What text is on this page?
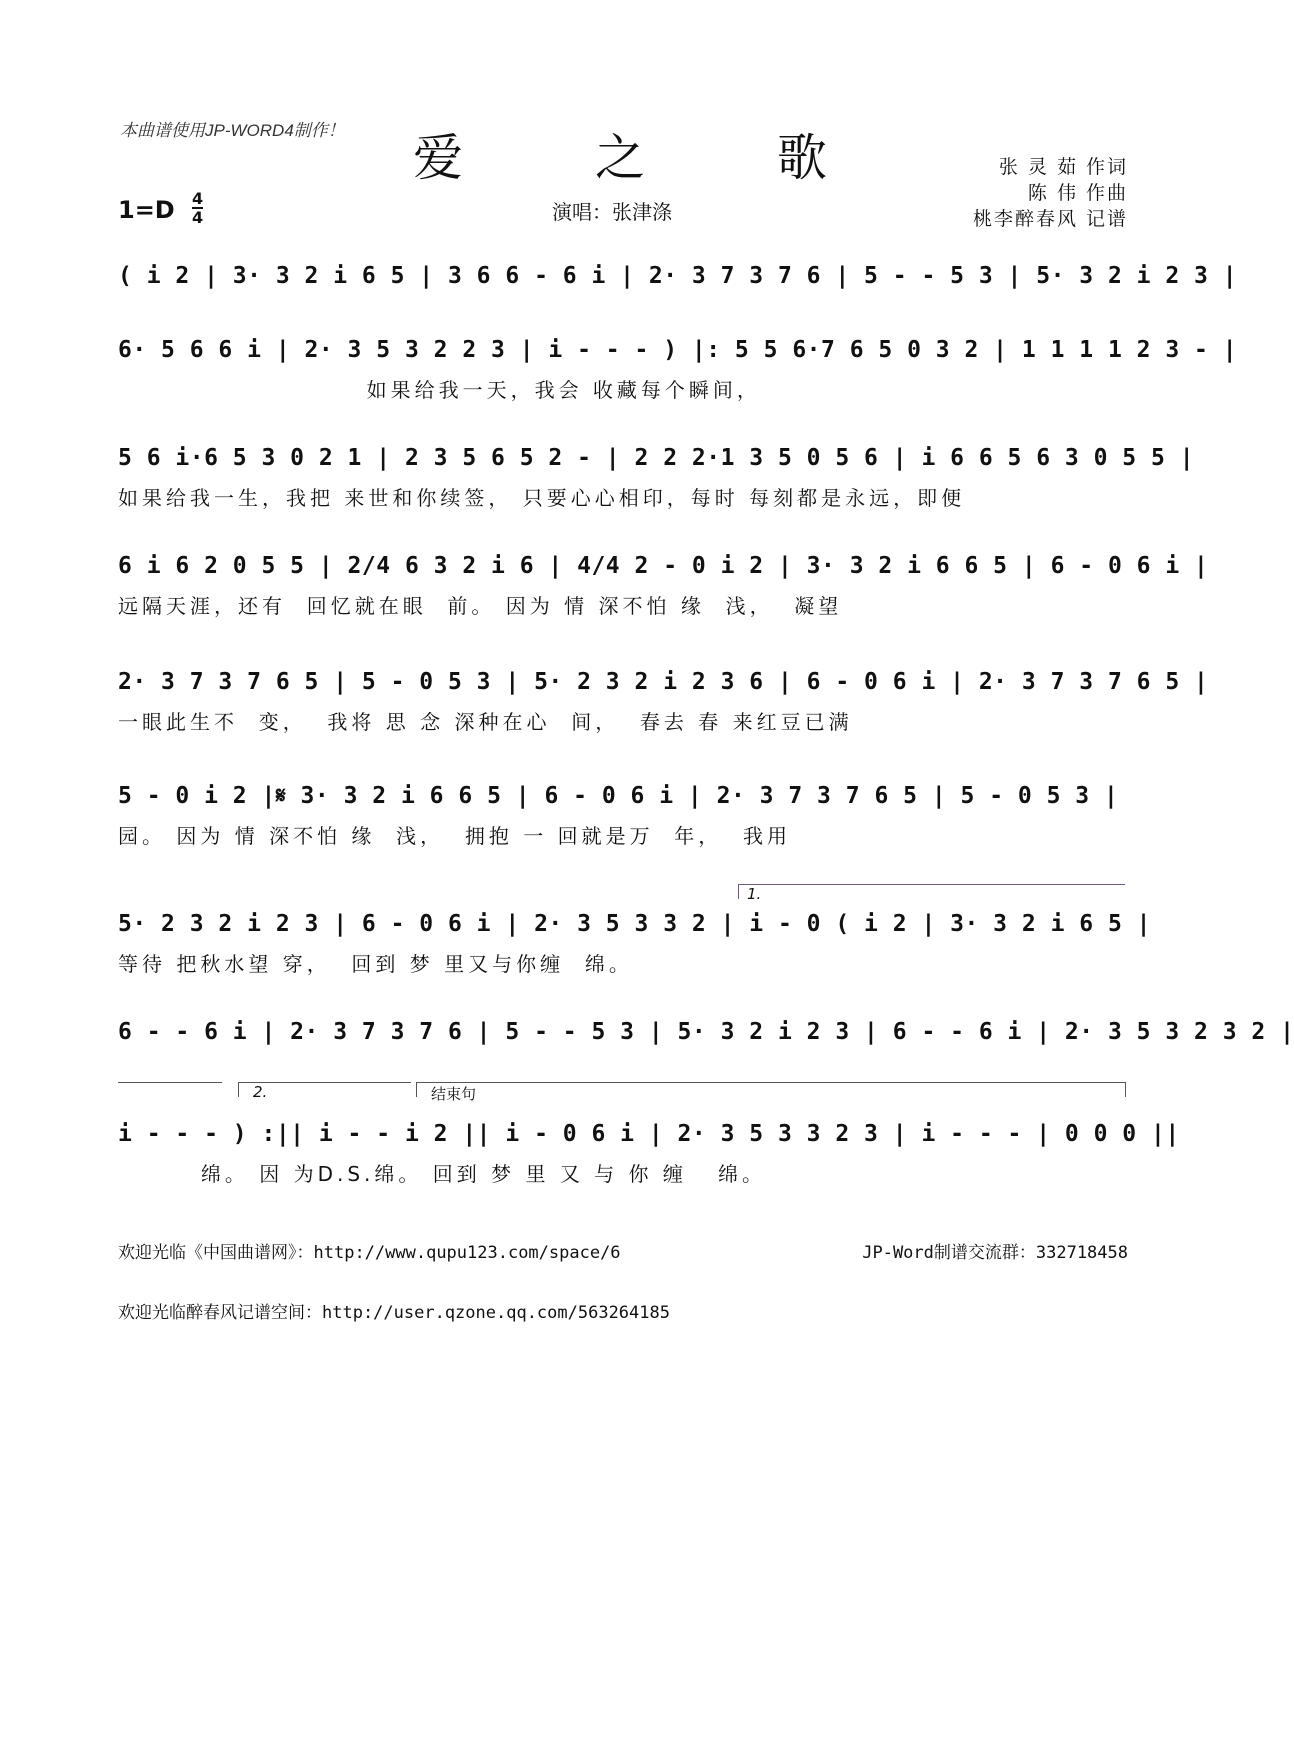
本曲谱使用JP-WORD4制作！	爱 之 歌	张 灵 茹 作词
陈 伟 作曲
桃李醉春风 记谱
$1=D \frac{4}{4}$	演唱：张津涤
( i 2 | 3· 3 2 i 6 5 | 3 6 6 - 6 i | 2· 3 7 3 7 6 | 5 - - 5 3 | 5· 3 2 i 2 3 |
6· 5 6 6 i | 2· 3 5 3 2 2 3 | i - - - ) |: 5 5 6·7 6 5 0 3 2 | 1 1 1 1 2 3 - |
如果给我一天，我会 收藏每个瞬间，
5 6 i·6 5 3 0 2 1 | 2 3 5 6 5 2 - | 2 2 2·1 3 5 0 5 6 | i 6 6 5 6 3 0 5 5 |
如果给我一生，我把 来世和你续签， 只要心心相印，每时 每刻都是永远，即便
6 i 6 2 0 5 5 | 2/4 6 3 2 i 6 | 4/4 2 - 0 i 2 | 3· 3 2 i 6 6 5 | 6 - 0 6 i |
远隔天涯，还有  回忆就在眼  前。 因为 情 深不怕 缘  浅，  凝望
2· 3 7 3 7 6 5 | 5 - 0 5 3 | 5· 2 3 2 i 2 3 6 | 6 - 0 6 i | 2· 3 7 3 7 6 5 |
一眼此生不  变，  我将 思 念 深种在心  间，  春去 春 来红豆已满
5 - 0 i 2 |𝄋 3· 3 2 i 6 6 5 | 6 - 0 6 i | 2· 3 7 3 7 6 5 | 5 - 0 5 3 |
园。 因为 情 深不怕 缘  浅，  拥抱 一 回就是万  年，  我用
1.
5· 2 3 2 i 2 3 | 6 - 0 6 i | 2· 3 5 3 3 2 | i - 0 ( i 2 | 3· 3 2 i 6 5 |
等待 把秋水望 穿，  回到 梦 里又与你缠  绵。
6 - - 6 i | 2· 3 7 3 7 6 | 5 - - 5 3 | 5· 3 2 i 2 3 | 6 - - 6 i | 2· 3 5 3 2 3 2 |
2.	结束句
i - - - ) :|| i - - i 2 || i - 0 6 i | 2· 3 5 3 3 2 3 | i - - - | 0 0 0 ||
绵。 因 为D.S.绵。 回到 梦 里 又 与 你 缠   绵。
欢迎光临《中国曲谱网》：http://www.qupu123.com/space/6	JP-Word制谱交流群：332718458
欢迎光临醉春风记谱空间：http://user.qzone.qq.com/563264185
